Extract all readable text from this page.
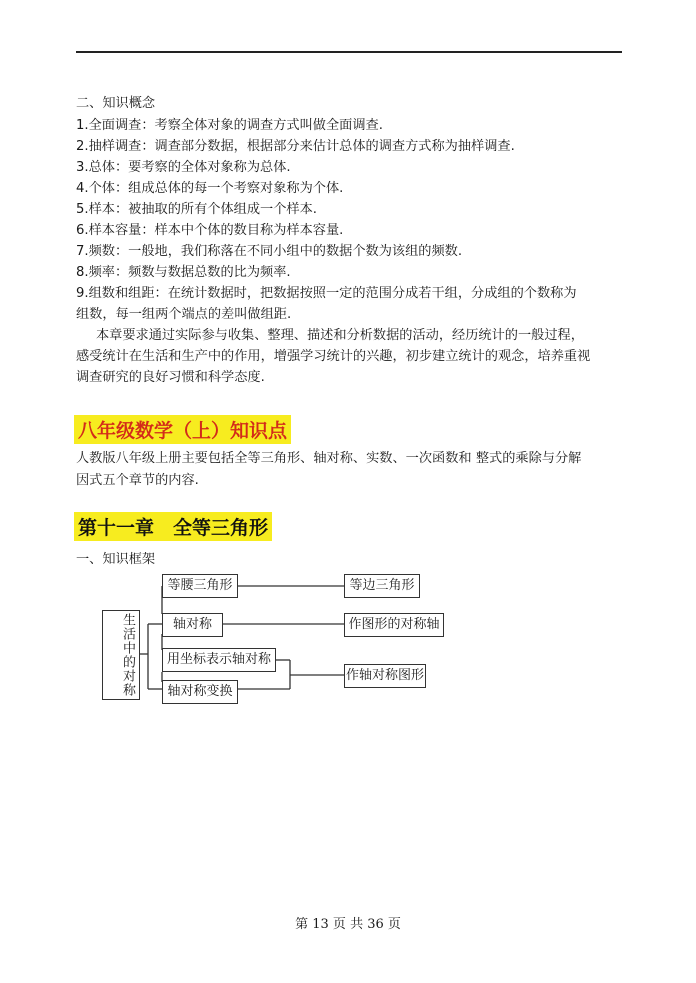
二、知识概念
1.全面调查：考察全体对象的调查方式叫做全面调查.
2.抽样调查：调查部分数据，根据部分来估计总体的调查方式称为抽样调查.
3.总体：要考察的全体对象称为总体.
4.个体：组成总体的每一个考察对象称为个体.
5.样本：被抽取的所有个体组成一个样本.
6.样本容量：样本中个体的数目称为样本容量.
7.频数：一般地，我们称落在不同小组中的数据个数为该组的频数.
8.频率：频数与数据总数的比为频率.
9.组数和组距：在统计数据时，把数据按照一定的范围分成若干组，分成组的个数称为
组数，每一组两个端点的差叫做组距.
本章要求通过实际参与收集、整理、描述和分析数据的活动，经历统计的一般过程，
感受统计在生活和生产中的作用，增强学习统计的兴趣，初步建立统计的观念，培养重视
调查研究的良好习惯和科学态度.
八年级数学（上）知识点
人教版八年级上册主要包括全等三角形、轴对称、实数、一次函数和 整式的乘除与分解
因式五个章节的内容.
第十一章　全等三角形
一、知识框架
生活中的对称
等腰三角形	等边三角形
轴对称	作图形的对称轴
用坐标表示轴对称
轴对称变换
作轴对称图形
第 13 页 共 36 页
